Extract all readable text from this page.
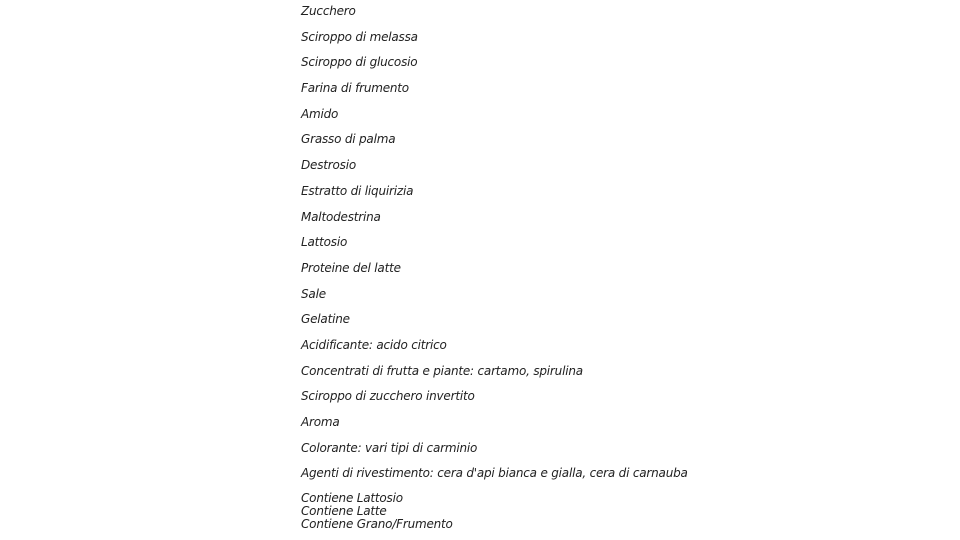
Zucchero
Sciroppo di melassa
Sciroppo di glucosio
Farina di frumento
Amido
Grasso di palma
Destrosio
Estratto di liquirizia
Maltodestrina
Lattosio
Proteine del latte
Sale
Gelatine
Acidificante: acido citrico
Concentrati di frutta e piante: cartamo, spirulina
Sciroppo di zucchero invertito
Aroma
Colorante: vari tipi di carminio
Agenti di rivestimento: cera d'api bianca e gialla, cera di carnauba
Contiene Lattosio
Contiene Latte
Contiene Grano/Frumento
